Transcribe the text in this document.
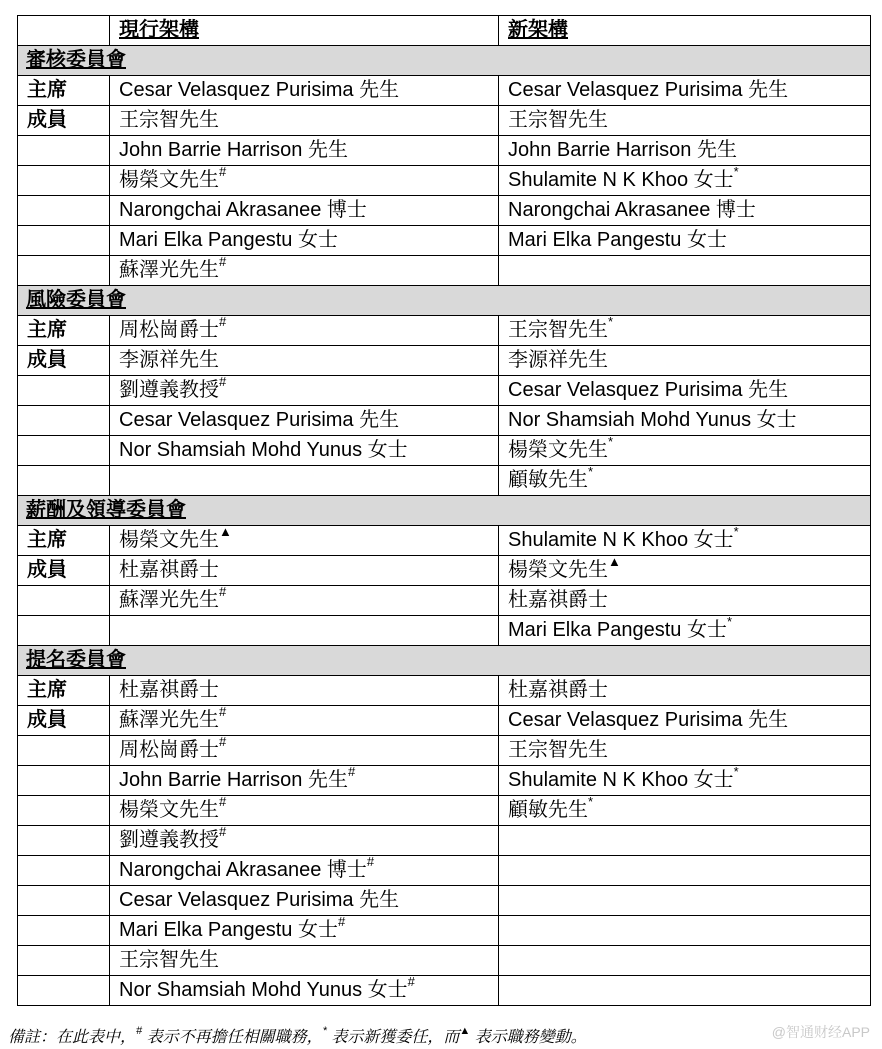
	現行架構	新架構
審核委員會		
主席	Cesar Velasquez Purisima 先生	Cesar Velasquez Purisima 先生
成員	王宗智先生	王宗智先生
	John Barrie Harrison 先生	John Barrie Harrison 先生
	楊榮文先生#	Shulamite N K Khoo 女士*
	Narongchai Akrasanee 博士	Narongchai Akrasanee 博士
	Mari Elka Pangestu 女士	Mari Elka Pangestu 女士
	蘇澤光先生#	
風險委員會		
主席	周松崗爵士#	王宗智先生*
成員	李源祥先生	李源祥先生
	劉遵義教授#	Cesar Velasquez Purisima 先生
	Cesar Velasquez Purisima 先生	Nor Shamsiah Mohd Yunus 女士
	Nor Shamsiah Mohd Yunus 女士	楊榮文先生*
		顧敏先生*
薪酬及領導委員會		
主席	楊榮文先生▲	Shulamite N K Khoo 女士*
成員	杜嘉祺爵士	楊榮文先生▲
	蘇澤光先生#	杜嘉祺爵士
		Mari Elka Pangestu 女士*
提名委員會		
主席	杜嘉祺爵士	杜嘉祺爵士
成員	蘇澤光先生#	Cesar Velasquez Purisima 先生
	周松崗爵士#	王宗智先生
	John Barrie Harrison 先生#	Shulamite N K Khoo 女士*
	楊榮文先生#	顧敏先生*
	劉遵義教授#	
	Narongchai Akrasanee 博士#	
	Cesar Velasquez Purisima 先生	
	Mari Elka Pangestu 女士#	
	王宗智先生	
	Nor Shamsiah Mohd Yunus 女士#	
備註：在此表中，# 表示不再擔任相關職務，* 表示新獲委任，而▲ 表示職務變動。	@智通财经APP
